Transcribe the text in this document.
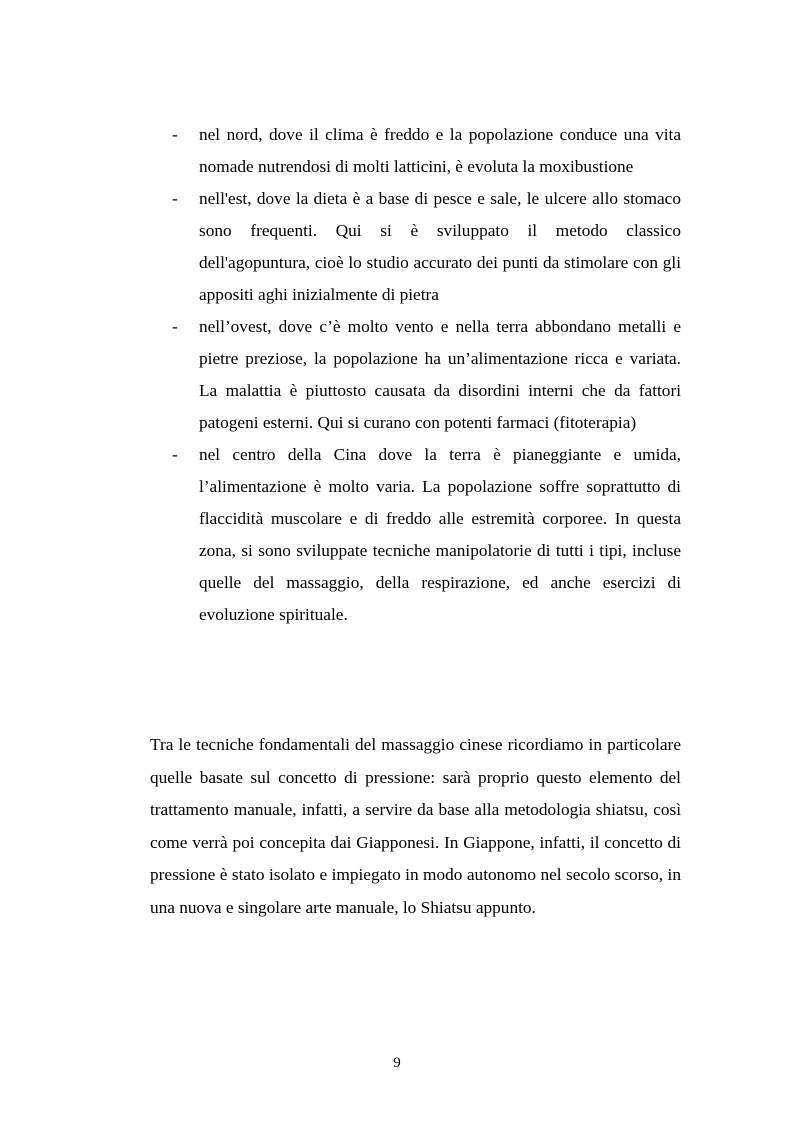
- nel nord, dove il clima è freddo e la popolazione conduce una vita nomade nutrendosi di molti latticini, è evoluta la moxibustione
- nell'est, dove la dieta è a base di pesce e sale, le ulcere allo stomaco sono frequenti. Qui si è sviluppato il metodo classico dell'agopuntura, cioè lo studio accurato dei punti da stimolare con gli appositi aghi inizialmente di pietra
- nell’ovest, dove c’è molto vento e nella terra abbondano metalli e pietre preziose, la popolazione ha un’alimentazione ricca e variata. La malattia è piuttosto causata da disordini interni che da fattori patogeni esterni. Qui si curano con potenti farmaci (fitoterapia)
- nel centro della Cina dove la terra è pianeggiante e umida, l’alimentazione è molto varia. La popolazione soffre soprattutto di flaccidità muscolare e di freddo alle estremità corporee. In questa zona, si sono sviluppate tecniche manipolatorie di tutti i tipi, incluse quelle del massaggio, della respirazione, ed anche esercizi di evoluzione spirituale.

Tra le tecniche fondamentali del massaggio cinese ricordiamo in particolare quelle basate sul concetto di pressione: sarà proprio questo elemento del trattamento manuale, infatti, a servire da base alla metodologia shiatsu, così come verrà poi concepita dai Giapponesi. In Giappone, infatti, il concetto di pressione è stato isolato e impiegato in modo autonomo nel secolo scorso, in una nuova e singolare arte manuale, lo Shiatsu appunto.

9
